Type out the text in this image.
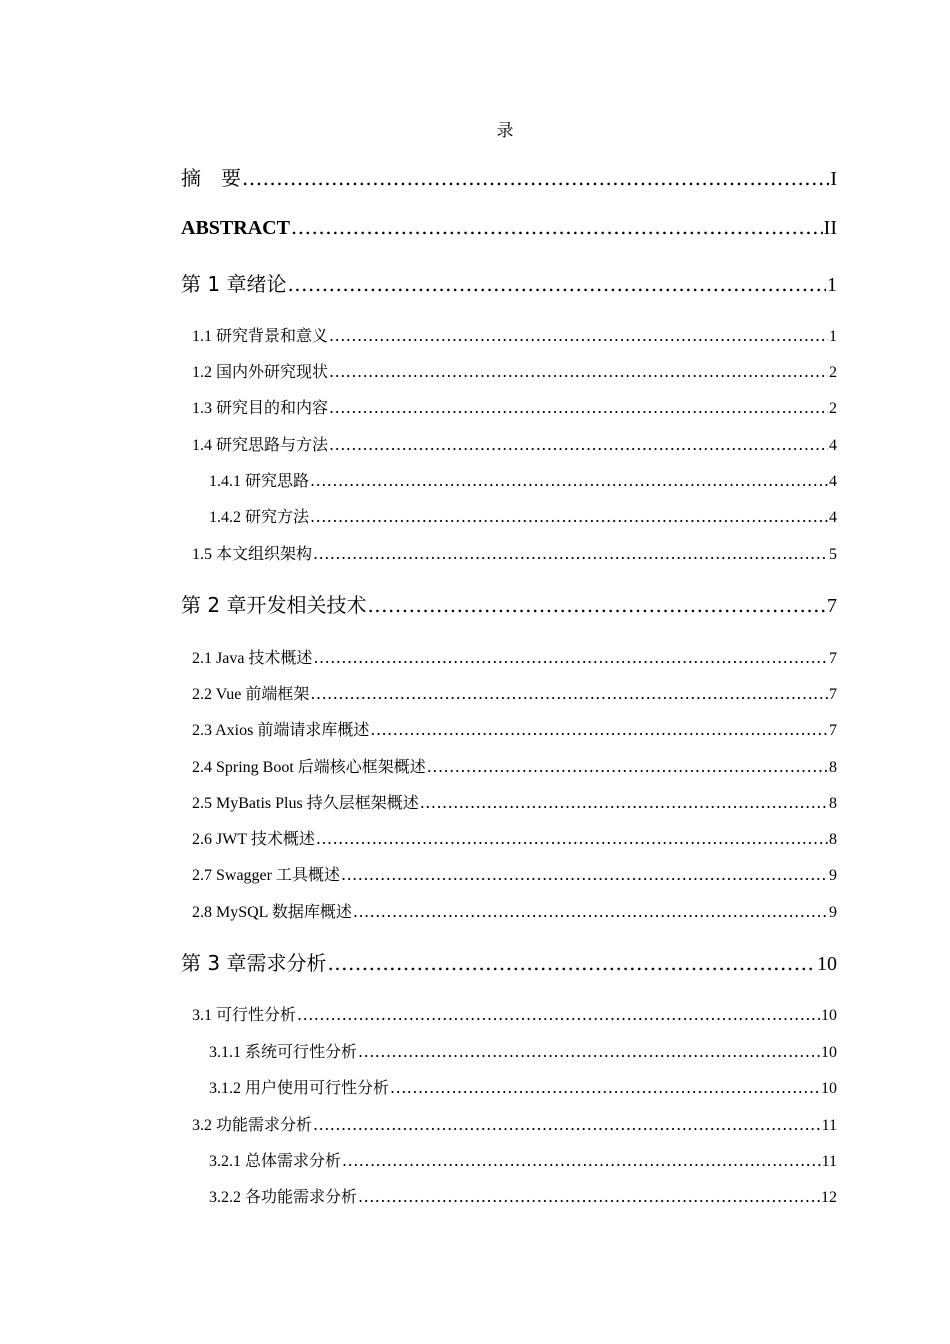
录
摘　要 .....	I
ABSTRACT .....	II
第 1 章绪论 .....	1
1.1 研究背景和意义 .....	1
1.2 国内外研究现状 .....	2
1.3 研究目的和内容 .....	2
1.4 研究思路与方法 .....	4
1.4.1 研究思路 .....	4
1.4.2 研究方法 .....	4
1.5 本文组织架构 .....	5
第 2 章开发相关技术 .....	7
2.1 Java 技术概述 .....	7
2.2 Vue 前端框架 .....	7
2.3 Axios 前端请求库概述 .....	7
2.4 Spring Boot 后端核心框架概述 .....	8
2.5 MyBatis Plus 持久层框架概述 .....	8
2.6 JWT 技术概述 .....	8
2.7 Swagger 工具概述 .....	9
2.8 MySQL 数据库概述 .....	9
第 3 章需求分析 .....	10
3.1 可行性分析 .....	10
3.1.1 系统可行性分析 .....	10
3.1.2 用户使用可行性分析 .....	10
3.2 功能需求分析 .....	11
3.2.1 总体需求分析 .....	11
3.2.2 各功能需求分析 .....	12
